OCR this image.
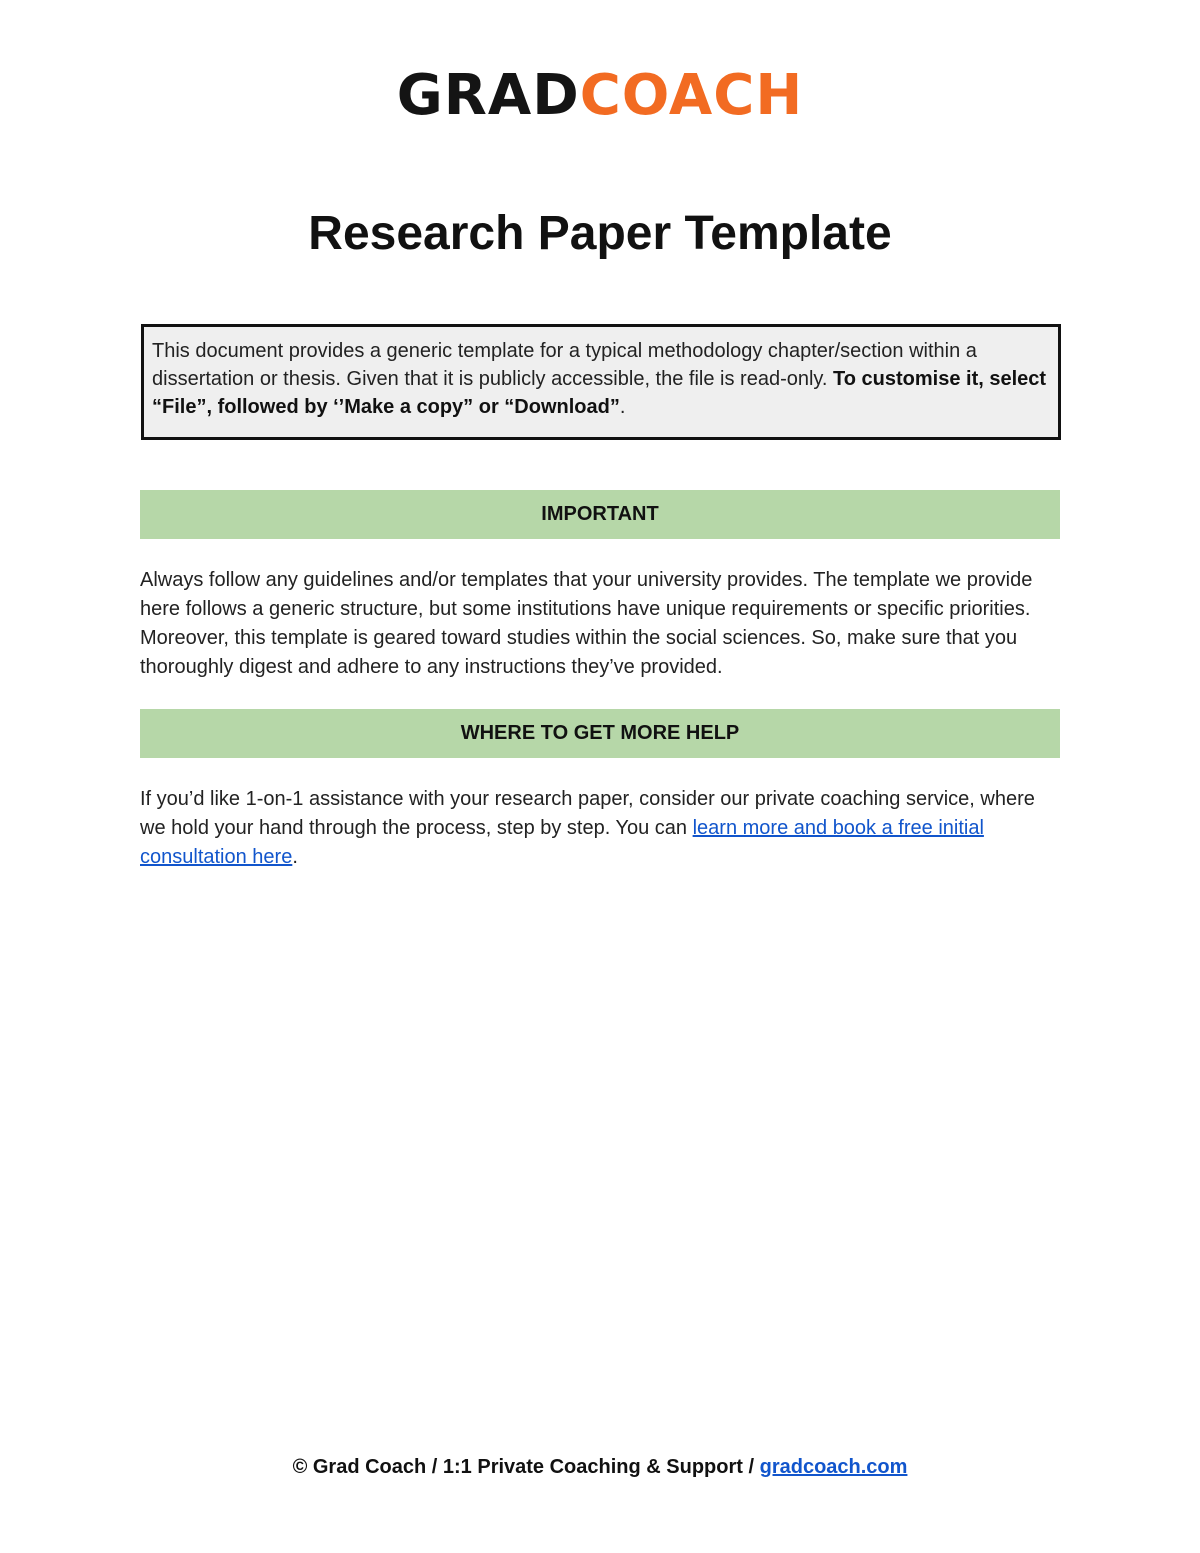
GRADCOACH
Research Paper Template
This document provides a generic template for a typical methodology chapter/section within a dissertation or thesis. Given that it is publicly accessible, the file is read-only. To customise it, select “File”, followed by ‘’Make a copy” or “Download”.
IMPORTANT
Always follow any guidelines and/or templates that your university provides. The template we provide here follows a generic structure, but some institutions have unique requirements or specific priorities. Moreover, this template is geared toward studies within the social sciences. So, make sure that you thoroughly digest and adhere to any instructions they’ve provided.
WHERE TO GET MORE HELP
If you’d like 1-on-1 assistance with your research paper, consider our private coaching service, where we hold your hand through the process, step by step. You can learn more and book a free initial consultation here.
© Grad Coach / 1:1 Private Coaching & Support / gradcoach.com
